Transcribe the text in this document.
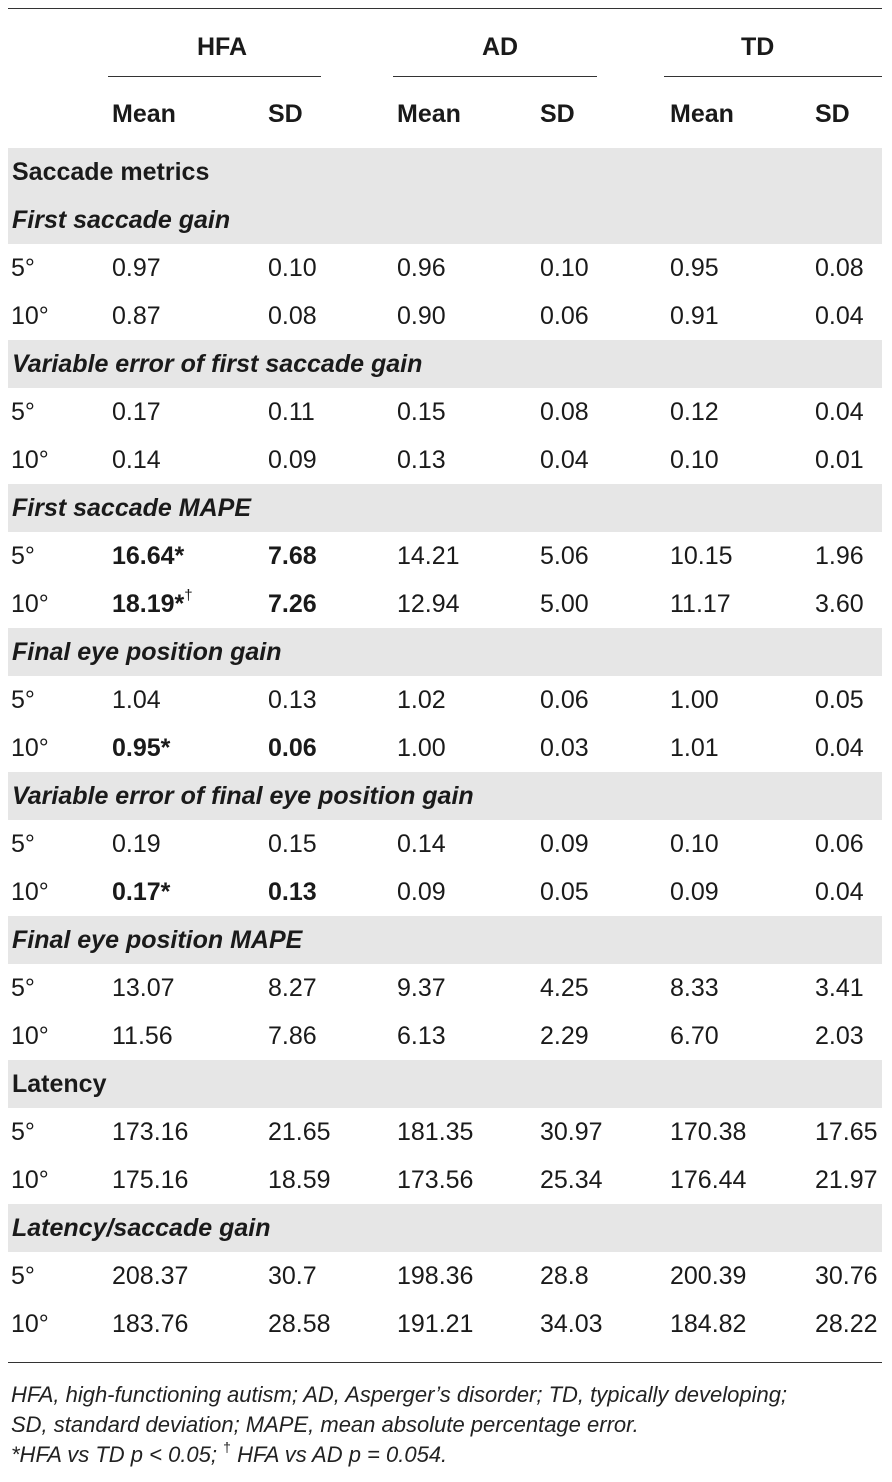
HFA	AD	TD
Mean	SD	Mean	SD	Mean	SD
Saccade metrics
First saccade gain
5°	0.97	0.10	0.96	0.10	0.95	0.08
10°	0.87	0.08	0.90	0.06	0.91	0.04
Variable error of first saccade gain
5°	0.17	0.11	0.15	0.08	0.12	0.04
10°	0.14	0.09	0.13	0.04	0.10	0.01
First saccade MAPE
5°	16.64*	7.68	14.21	5.06	10.15	1.96
10°	18.19*†	7.26	12.94	5.00	11.17	3.60
Final eye position gain
5°	1.04	0.13	1.02	0.06	1.00	0.05
10°	0.95*	0.06	1.00	0.03	1.01	0.04
Variable error of final eye position gain
5°	0.19	0.15	0.14	0.09	0.10	0.06
10°	0.17*	0.13	0.09	0.05	0.09	0.04
Final eye position MAPE
5°	13.07	8.27	9.37	4.25	8.33	3.41
10°	11.56	7.86	6.13	2.29	6.70	2.03
Latency
5°	173.16	21.65	181.35	30.97	170.38	17.65
10°	175.16	18.59	173.56	25.34	176.44	21.97
Latency/saccade gain
5°	208.37	30.7	198.36	28.8	200.39	30.76
10°	183.76	28.58	191.21	34.03	184.82	28.22
HFA, high-functioning autism; AD, Asperger’s disorder; TD, typically developing;
SD, standard deviation; MAPE, mean absolute percentage error.
*HFA vs TD p < 0.05; † HFA vs AD p = 0.054.
